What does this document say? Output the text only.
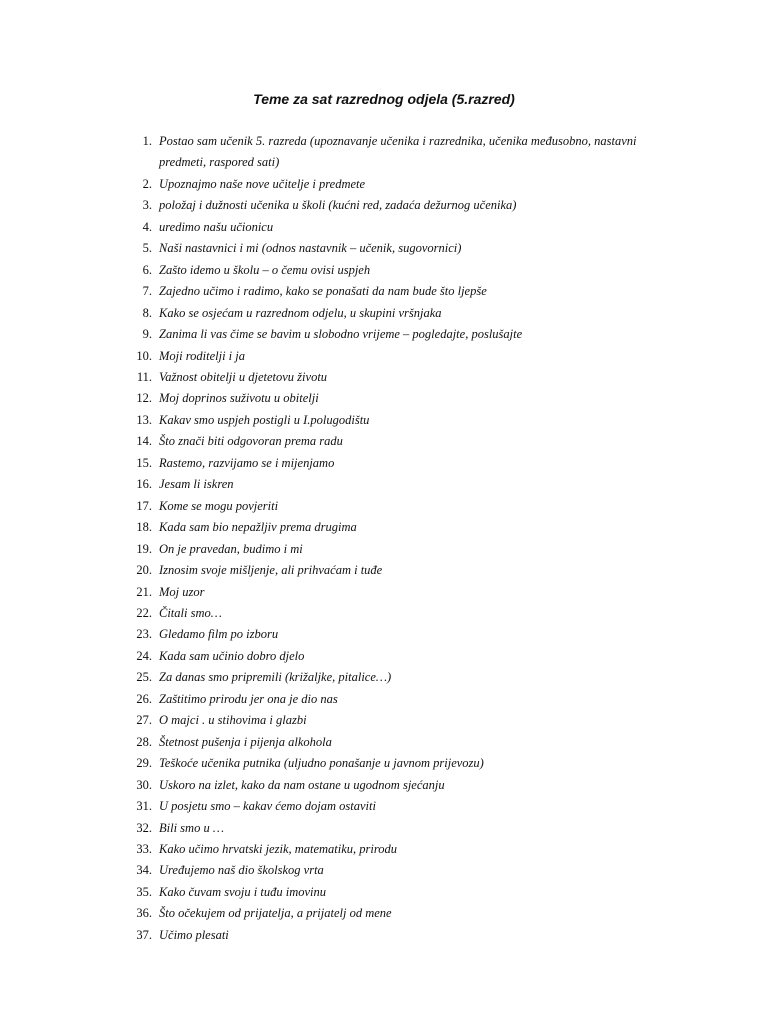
Teme za sat razrednog odjela (5.razred)
1. Postao sam učenik 5. razreda (upoznavanje učenika i razrednika, učenika međusobno, nastavni predmeti, raspored sati)
2. Upoznajmo naše nove učitelje i predmete
3. položaj i dužnosti učenika u školi (kućni red, zadaća dežurnog učenika)
4. uredimo našu učionicu
5. Naši nastavnici i mi (odnos nastavnik – učenik, sugovornici)
6. Zašto idemo u školu – o čemu ovisi uspjeh
7. Zajedno učimo i radimo, kako se ponašati da nam bude što ljepše
8. Kako se osjećam u razrednom odjelu, u skupini vršnjaka
9. Zanima li vas čime se bavim u slobodno vrijeme – pogledajte, poslušajte
10. Moji roditelji i ja
11. Važnost obitelji u djetetovu životu
12. Moj doprinos suživotu u obitelji
13. Kakav smo uspjeh postigli u I.polugodištu
14. Što znači biti odgovoran prema radu
15. Rastemo, razvijamo se i mijenjamo
16. Jesam li iskren
17. Kome se mogu povjeriti
18. Kada sam bio nepažljiv prema drugima
19. On je pravedan, budimo i mi
20. Iznosim svoje mišljenje, ali prihvaćam i tuđe
21. Moj uzor
22. Čitali smo…
23. Gledamo film po izboru
24. Kada sam učinio dobro djelo
25. Za danas smo pripremili (križaljke, pitalice…)
26. Zaštitimo prirodu jer ona je dio nas
27. O majci . u stihovima i glazbi
28. Štetnost pušenja i pijenja alkohola
29. Teškoće učenika putnika (uljudno ponašanje u javnom prijevozu)
30. Uskoro na izlet, kako da nam ostane u ugodnom sjećanju
31. U posjetu smo – kakav ćemo dojam ostaviti
32. Bili smo u …
33. Kako učimo hrvatski jezik, matematiku, prirodu
34. Uređujemo naš dio školskog vrta
35. Kako čuvam svoju i tuđu imovinu
36. Što očekujem od prijatelja, a prijatelj od mene
37. Učimo plesati
